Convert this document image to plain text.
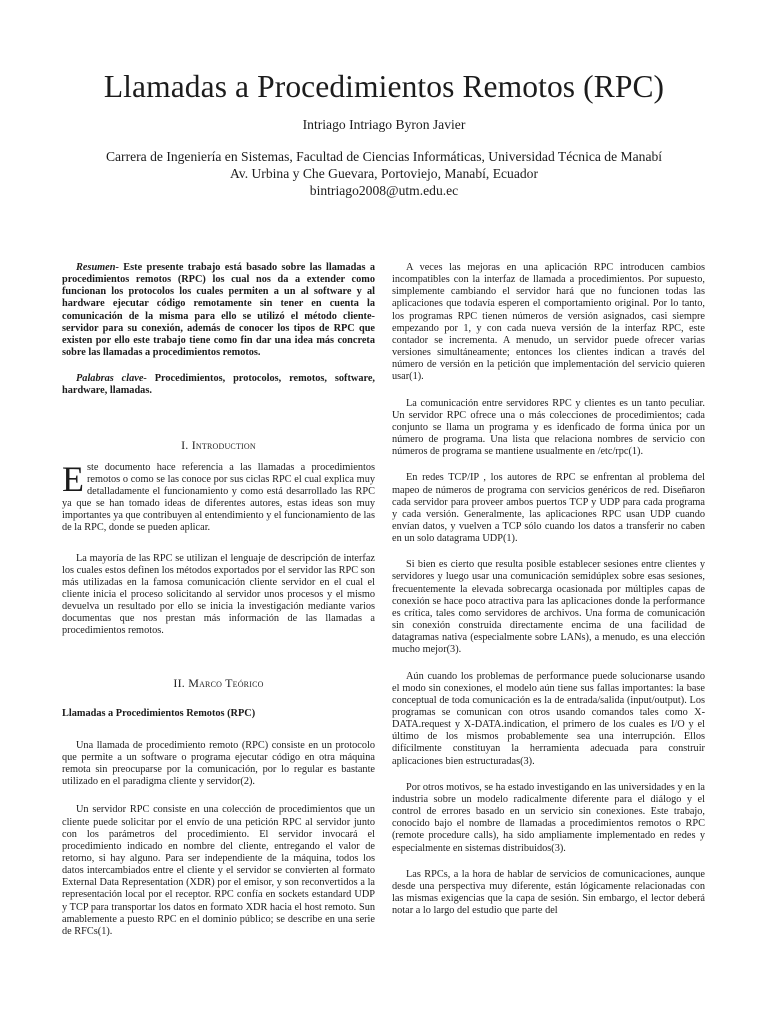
Llamadas a Procedimientos Remotos (RPC)
Intriago Intriago Byron Javier
Carrera de Ingeniería en Sistemas, Facultad de Ciencias Informáticas, Universidad Técnica de Manabí
Av. Urbina y Che Guevara, Portoviejo, Manabí, Ecuador
bintriago2008@utm.edu.ec

Resumen- Este presente trabajo está basado sobre las llamadas a procedimientos remotos (RPC) los cual nos da a extender como funcionan los protocolos los cuales permiten a un al software y al hardware ejecutar código remotamente sin tener en cuenta la comunicación de la misma para ello se utilizó el método cliente-servidor para su conexión, además de conocer los tipos de RPC que existen por ello este trabajo tiene como fin dar una idea más concreta sobre las llamadas a procedimientos remotos.

Palabras clave- Procedimientos, protocolos, remotos, software, hardware, llamadas.

I. Introduction

Este documento hace referencia a las llamadas a procedimientos remotos o como se las conoce por sus ciclas RPC el cual explica muy detalladamente el funcionamiento y como está desarrollado las RPC ya que se han tomado ideas de diferentes autores, estas ideas son muy importantes ya que contribuyen al entendimiento y el funcionamiento de las de la RPC, donde se pueden aplicar.

La mayoría de las RPC se utilizan el lenguaje de descripción de interfaz los cuales estos definen los métodos exportados por el servidor las RPC son más utilizadas en la famosa comunicación cliente servidor en el cual el cliente inicia el proceso solicitando al servidor unos procesos y el mismo devuelva un resultado por ello se inicia la investigación mediante varios documentas que nos prestan más información de las llamadas a procedimientos remotos.

II. Marco Teórico
Llamadas a Procedimientos Remotos (RPC)

Una llamada de procedimiento remoto (RPC) consiste en un protocolo que permite a un software o programa ejecutar código en otra máquina remota sin preocuparse por la comunicación, por lo regular es bastante utilizado en el paradigma cliente y servidor(2).

Un servidor RPC consiste en una colección de procedimientos que un cliente puede solicitar por el envío de una petición RPC al servidor junto con los parámetros del procedimiento. El servidor invocará el procedimiento indicado en nombre del cliente, entregando el valor de retorno, si hay alguno. Para ser independiente de la máquina, todos los datos intercambiados entre el cliente y el servidor se convierten al formato External Data Representation (XDR) por el emisor, y son reconvertidos a la representación local por el receptor. RPC confía en sockets estandard UDP y TCP para transportar los datos en formato XDR hacia el host remoto. Sun amablemente a puesto RPC en el dominio público; se describe en una serie de RFCs(1).

A veces las mejoras en una aplicación RPC introducen cambios incompatibles con la interfaz de llamada a procedimientos. Por supuesto, simplemente cambiando el servidor hará que no funcionen todas las aplicaciones que todavía esperen el comportamiento original. Por lo tanto, los programas RPC tienen números de versión asignados, casi siempre empezando por 1, y con cada nueva versión de la interfaz RPC, este contador se incrementa. A menudo, un servidor puede ofrecer varias versiones simultáneamente; entonces los clientes indican a través del número de versión en la petición que implementación del servicio quieren usar(1).

La comunicación entre servidores RPC y clientes es un tanto peculiar. Un servidor RPC ofrece una o más colecciones de procedimientos; cada conjunto se llama un programa y es idenficado de forma única por un número de programa. Una lista que relaciona nombres de servicio con números de programa se mantiene usualmente en /etc/rpc(1).

En redes TCP/IP , los autores de RPC se enfrentan al problema del mapeo de números de programa con servicios genéricos de red. Diseñaron cada servidor para proveer ambos puertos TCP y UDP para cada programa y cada versión. Generalmente, las aplicaciones RPC usan UDP cuando envían datos, y vuelven a TCP sólo cuando los datos a transferir no caben en un solo datagrama UDP(1).

Si bien es cierto que resulta posible establecer sesiones entre clientes y servidores y luego usar una comunicación semidúplex sobre esas sesiones, frecuentemente la elevada sobrecarga ocasionada por múltiples capas de conexión se hace poco atractiva para las aplicaciones donde la performance es crítica, tales como servidores de archivos. Una forma de comunicación sin conexión construida directamente encima de una facilidad de datagramas nativa (especialmente sobre LANs), a menudo, es una elección mucho mejor(3).

Aún cuando los problemas de performance puede solucionarse usando el modo sin conexiones, el modelo aún tiene sus fallas importantes: la base conceptual de toda comunicación es la de entrada/salida (input/output). Los programas se comunican con otros usando comandos tales como X-DATA.request y X-DATA.indication, el primero de los cuales es I/O y el último de los mismos probablemente sea una interrupción. Ellos difícilmente constituyan la herramienta adecuada para construir aplicaciones bien estructuradas(3).

Por otros motivos, se ha estado investigando en las universidades y en la industria sobre un modelo radicalmente diferente para el diálogo y el control de errores basado en un servicio sin conexiones. Este trabajo, conocido bajo el nombre de llamadas a procedimientos remotos o RPC (remote procedure calls), ha sido ampliamente implementado en redes y especialmente en sistemas distribuidos(3).

Las RPCs, a la hora de hablar de servicios de comunicaciones, aunque desde una perspectiva muy diferente, están lógicamente relacionadas con las mismas exigencias que la capa de sesión. Sin embargo, el lector deberá notar a lo largo del estudio que parte del
